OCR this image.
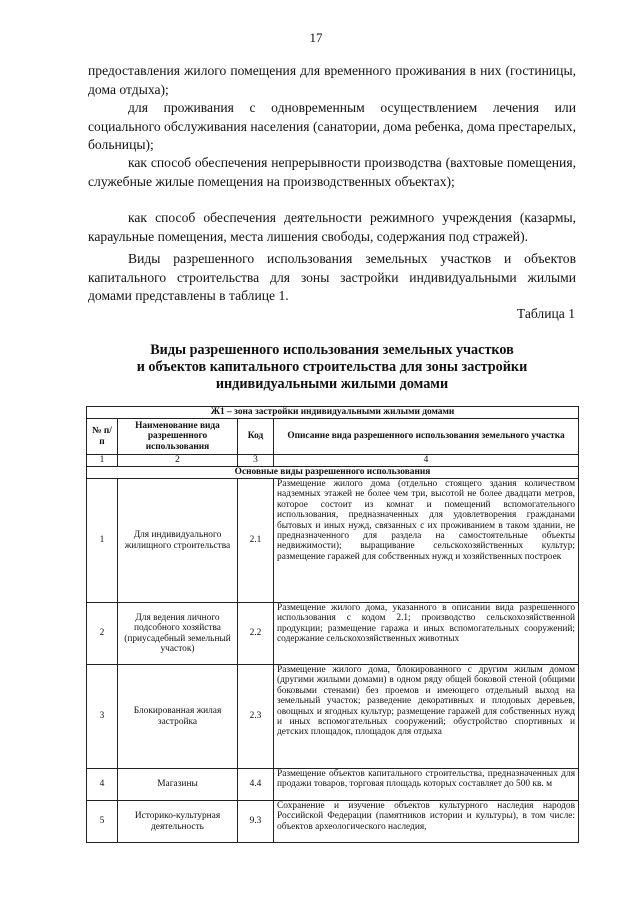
17

предоставления жилого помещения для временного проживания в них (гостиницы, дома отдыха);

для проживания с одновременным осуществлением лечения или социального обслуживания населения (санатории, дома ребенка, дома престарелых, больницы);

как способ обеспечения непрерывности производства (вахтовые помещения, служебные жилые помещения на производственных объектах);

как способ обеспечения деятельности режимного учреждения (казармы, караульные помещения, места лишения свободы, содержания под стражей).

Виды разрешенного использования земельных участков и объектов капитального строительства для зоны застройки индивидуальными жилыми домами представлены в таблице 1.

Таблица 1
Виды разрешенного использования земельных участков
и объектов капитального строительства для зоны застройки
индивидуальными жилыми домами
Ж1 – зона застройки индивидуальными жилыми домами			
№ п/п	Наименование вида разрешенного использования	Код	Описание вида разрешенного использования земельного участка
1	2	3	4
Основные виды разрешенного использования			
1	Для индивидуального жилищного строительства	2.1	Размещение жилого дома (отдельно стоящего здания количеством надземных этажей не более чем три, высотой не более двадцати метров, которое состоит из комнат и помещений вспомогательного использования, предназначенных для удовлетворения гражданами бытовых и иных нужд, связанных с их проживанием в таком здании, не предназначенного для раздела на самостоятельные объекты недвижимости); выращивание сельскохозяйственных культур; размещение гаражей для собственных нужд и хозяйственных построек
2	Для ведения личного подсобного хозяйства (приусадебный земельный участок)	2.2	Размещение жилого дома, указанного в описании вида разрешенного использования с кодом 2.1; производство сельскохозяйственной продукции; размещение гаража и иных вспомогательных сооружений; содержание сельскохозяйственных животных
3	Блокированная жилая застройка	2.3	Размещение жилого дома, блокированного с другим жилым домом (другими жилыми домами) в одном ряду общей боковой стеной (общими боковыми стенами) без проемов и имеющего отдельный выход на земельный участок; разведение декоративных и плодовых деревьев, овощных и ягодных культур; размещение гаражей для собственных нужд и иных вспомогательных сооружений; обустройство спортивных и детских площадок, площадок для отдыха
4	Магазины	4.4	Размещение объектов капитального строительства, предназначенных для продажи товаров, торговая площадь которых составляет до 500 кв. м
5	Историко-культурная деятельность	9.3	Сохранение и изучение объектов культурного наследия народов Российской Федерации (памятников истории и культуры), в том числе: объектов археологического наследия,
